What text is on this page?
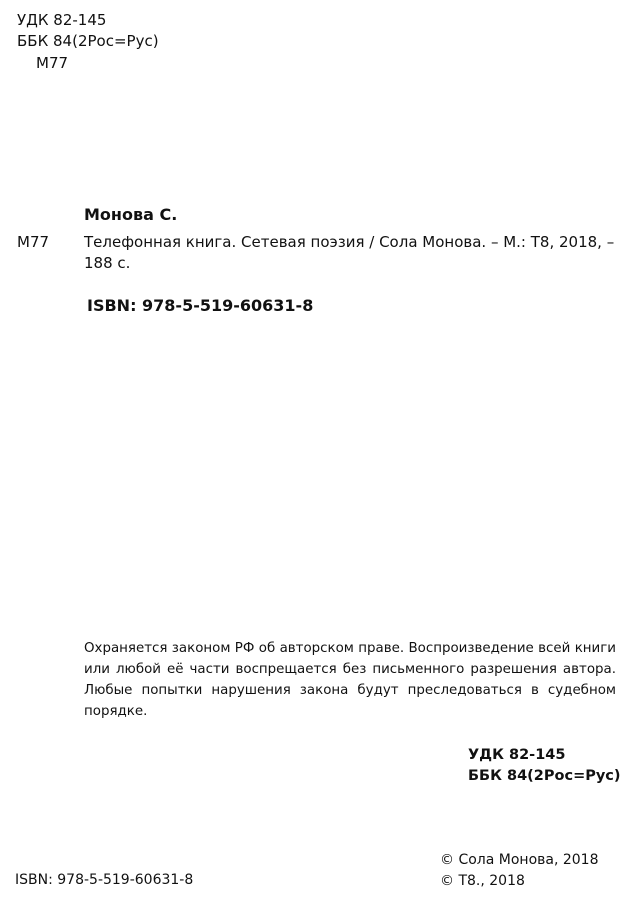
УДК 82-145
ББК 84(2Рос=Рус)
М77
Монова С.
М77 Телефонная книга. Сетевая поэзия / Сола Монова. – М.: Т8, 2018, –
188 с.
ISBN: 978-5-519-60631-8
Охраняется законом РФ об авторском праве. Воспроизведение всей книги или любой её части воспрещается без письменного разрешения автора. Любые попытки нарушения закона будут преследоваться в судебном порядке.
УДК 82-145
ББК 84(2Рос=Рус)
ISBN: 978-5-519-60631-8
© Сола Монова, 2018
© Т8., 2018
